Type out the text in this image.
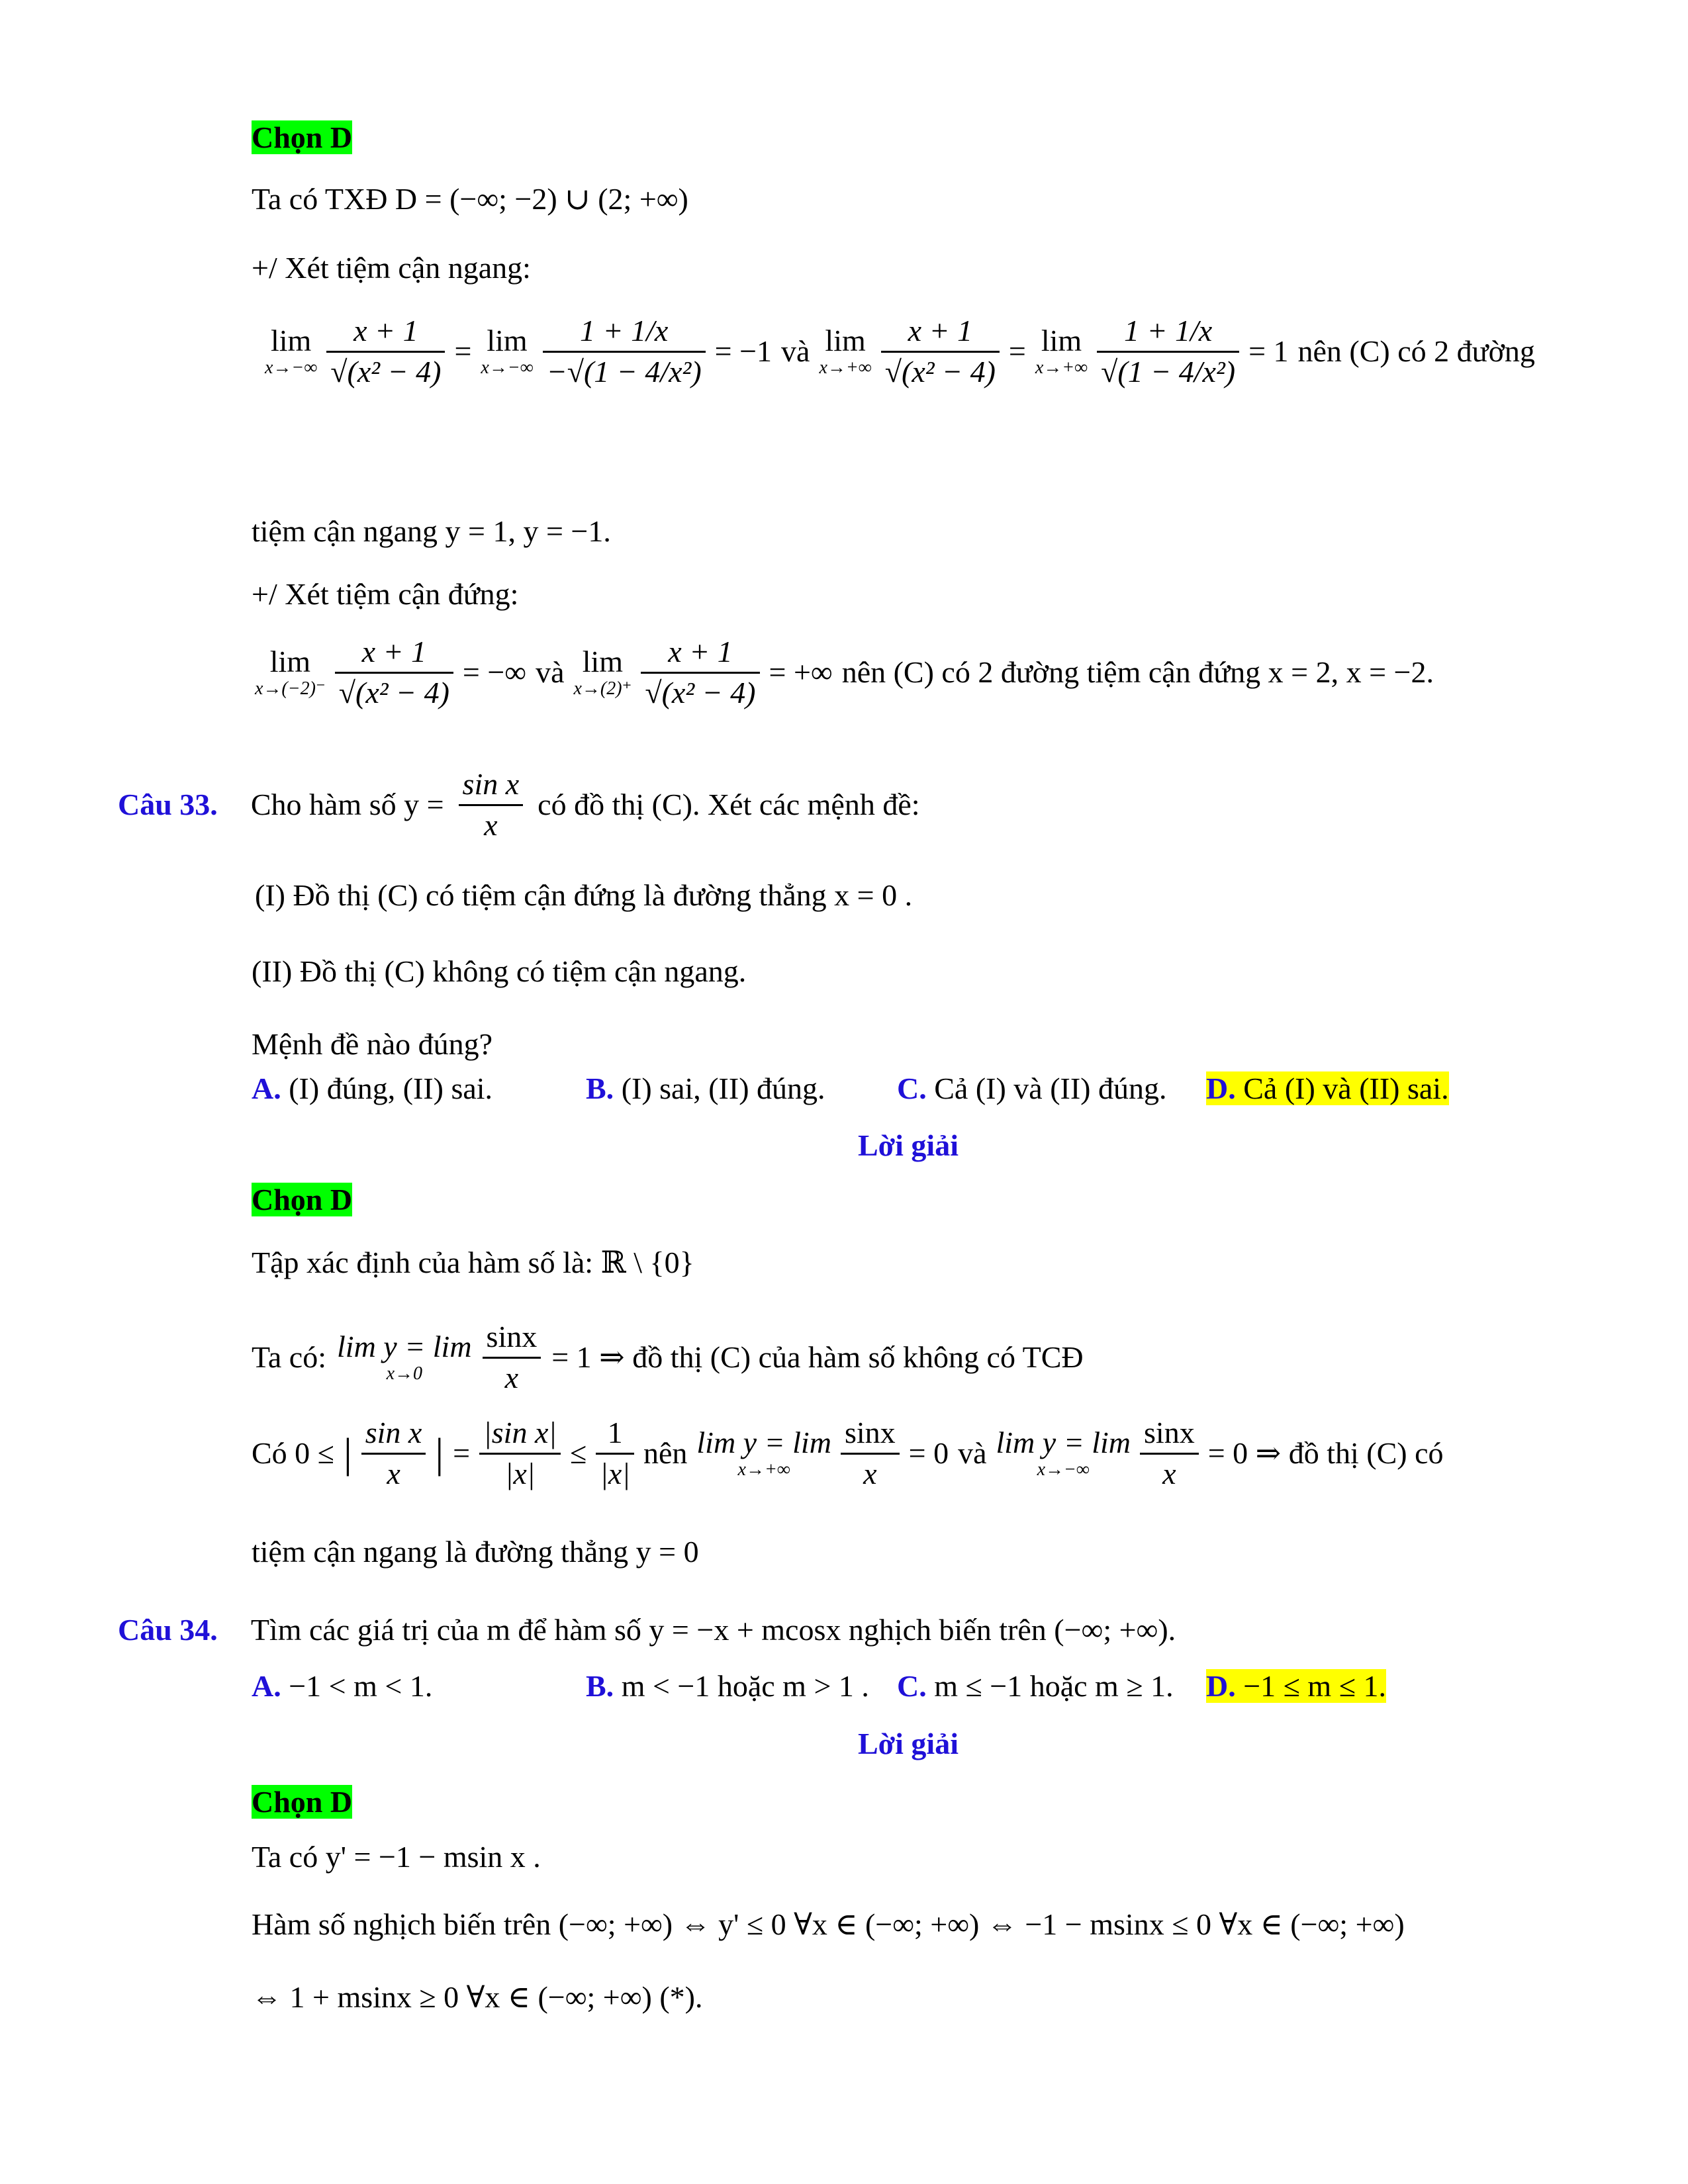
Chọn D
Ta có TXĐ D = (−∞; −2) ∪ (2; +∞)
+/ Xét tiệm cận ngang:
lim
$x\to-\infty \frac{x + 1}{\text{√(x² − 4)}} = \lim$
$x\to-\infty \frac{1 + 1/x}{\text{−√(1 − 4/x²)}} = -1$ và lim
$x\to+\infty \frac{x + 1}{\text{√(x² − 4)}} = \lim$
$x\to+\infty \frac{1 + 1/x}{\text{√(1 − 4/x²)}} = 1$ nên (C) có 2 đường
tiệm cận ngang y = 1, y = −1.
+/ Xét tiệm cận đứng:
lim
$x\to(-2)^- \frac{x + 1}{\text{√(x² − 4)}}$ = −∞ và lim
$x\to(2)^+ \frac{x + 1}{\text{√(x² − 4)}}$ = +∞ nên (C) có 2 đường tiệm cận đứng x = 2, x = −2.
Câu 33. Cho hàm số $y = \frac{\text{sin x}}{x}$ có đồ thị (C). Xét các mệnh đề:
(I) Đồ thị (C) có tiệm cận đứng là đường thẳng x = 0 .
(II) Đồ thị (C) không có tiệm cận ngang.
Mệnh đề nào đúng?
A. (I) đúng, (II) sai.	B. (I) sai, (II) đúng. C. Cả (I) và (II) đúng. D. Cả (I) và (II) sai.
Lời giải
Chọn D
Tập xác định của hàm số là: ℝ \ {0}
Ta có: lim y = lim
x→0	$\frac{\sin x}{x} = 1$ ⇒ đồ thị (C) của hàm số không có TCĐ
Có 0 ≤ | $\frac{\text{sin x}}{x}$ | = $\frac{\text{|sin x|}}{|x|} \le \frac{1}{|x|}$ nên lim y = lim
x→+∞	$\frac{\sin x}{x} = 0$ và lim y = lim
x→−∞	$\frac{\sin x}{x} = 0$ ⇒ đồ thị (C) có
tiệm cận ngang là đường thẳng y = 0
Câu 34. Tìm các giá trị của m để hàm số y = −x + mcosx nghịch biến trên (−∞; +∞).
A. −1 < m < 1.	B. m < −1 hoặc m > 1 . C. m ≤ −1 hoặc m ≥ 1. D. −1 ≤ m ≤ 1.
Lời giải
Chọn D
Ta có y' = −1 − msin x .
Hàm số nghịch biến trên (−∞; +∞) ⇔ y' ≤ 0 ∀x ∈ (−∞; +∞) ⇔ −1 − msinx ≤ 0 ∀x ∈ (−∞; +∞)
⇔ 1 + msinx ≥ 0 ∀x ∈ (−∞; +∞) (*).
